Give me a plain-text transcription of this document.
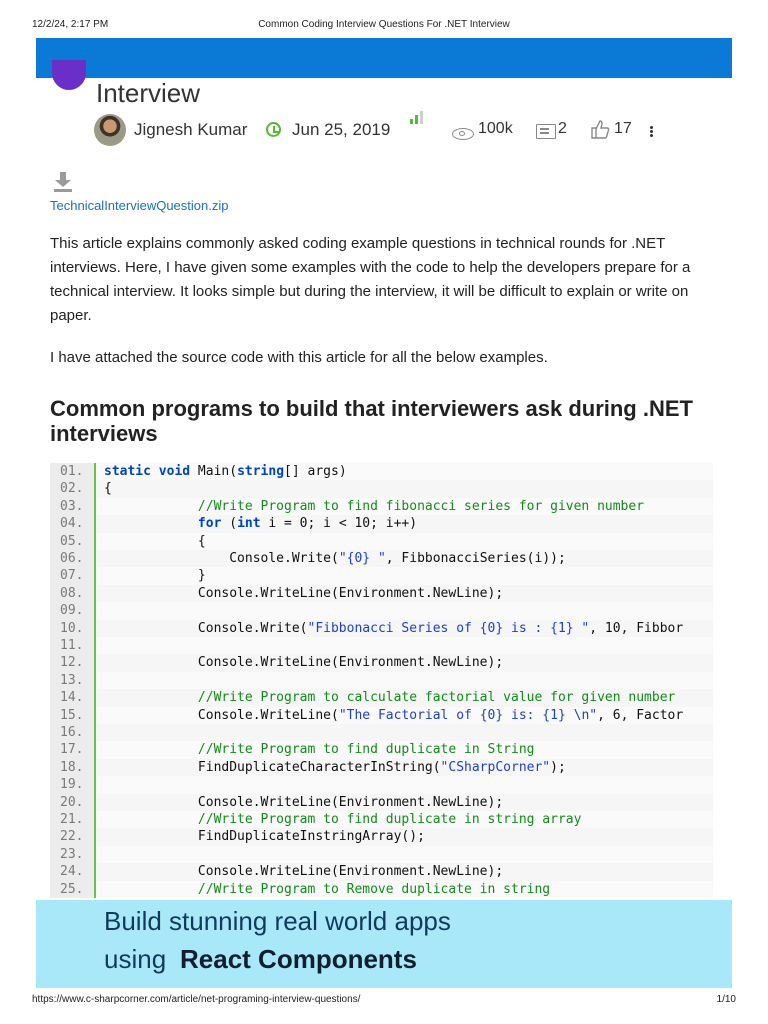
12/2/24, 2:17 PM	Common Coding Interview Questions For .NET Interview
Interview
Jignesh Kumar	Jun 25, 2019	100k	2	17
TechnicalInterviewQuestion.zip

This article explains commonly asked coding example questions in technical rounds for .NET interviews. Here, I have given some examples with the code to help the developers prepare for a technical interview. It looks simple but during the interview, it will be difficult to explain or write on paper.

I have attached the source code with this article for all the below examples.

Common programs to build that interviewers ask during .NET interviews
01.	static void Main(string[] args)
02.	{
03.	//Write Program to find fibonacci series for given number
04.	for (int i = 0; i < 10; i++)
05.	{
06.	Console.Write("{0} ", FibbonacciSeries(i));
07.	}
08.	Console.WriteLine(Environment.NewLine);
09.
10.	Console.Write("Fibbonacci Series of {0} is : {1} ", 10, Fibbor
11.
12.	Console.WriteLine(Environment.NewLine);
13.
14.	//Write Program to calculate factorial value for given number
15.	Console.WriteLine("The Factorial of {0} is: {1} \n", 6, Factor
16.
17.	//Write Program to find duplicate in String
18.	FindDuplicateCharacterInString("CSharpCorner");
19.
20.	Console.WriteLine(Environment.NewLine);
21.	//Write Program to find duplicate in string array
22.	FindDuplicateInstringArray();
23.
24.	Console.WriteLine(Environment.NewLine);
25.	//Write Program to Remove duplicate in string
Build stunning real world apps
using React Components
https://www.c-sharpcorner.com/article/net-programing-interview-questions/	1/10
